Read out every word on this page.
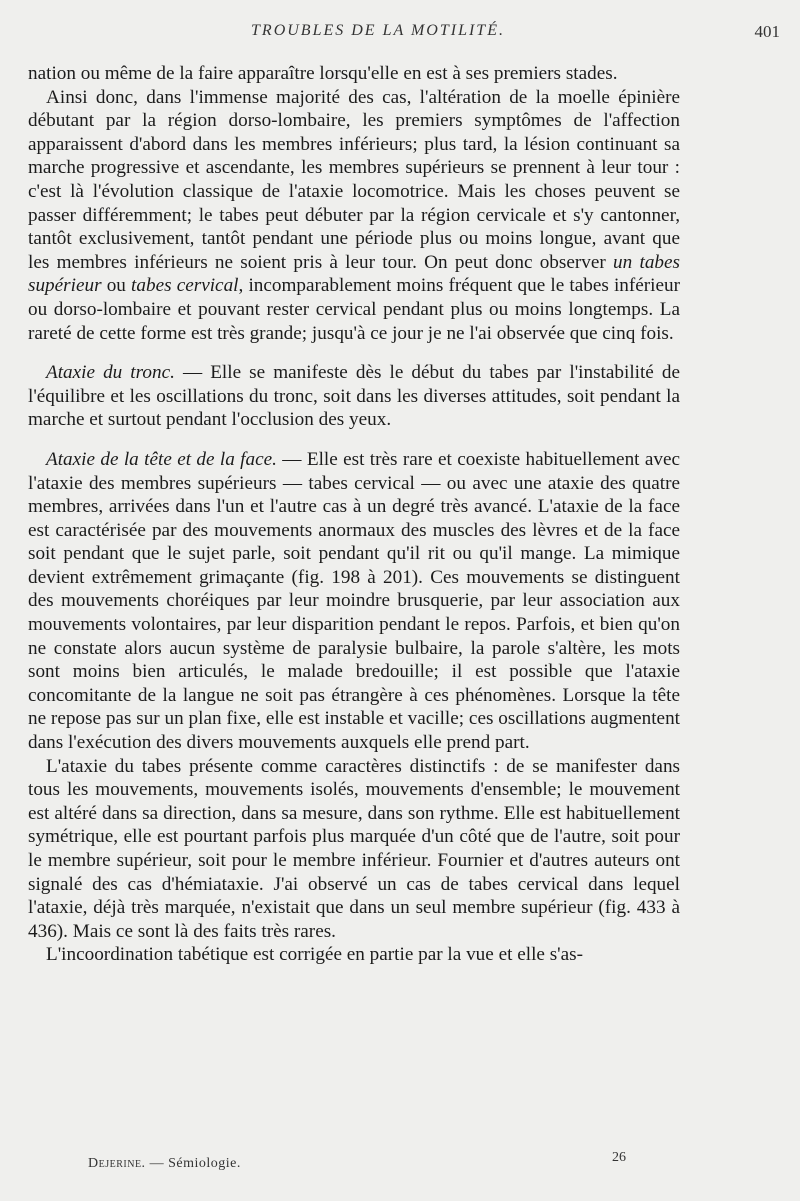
TROUBLES DE LA MOTILITÉ.	401

nation ou même de la faire apparaître lorsqu'elle en est à ses premiers stades.

Ainsi donc, dans l'immense majorité des cas, l'altération de la moelle épinière débutant par la région dorso-lombaire, les premiers symptômes de l'affection apparaissent d'abord dans les membres inférieurs; plus tard, la lésion continuant sa marche progressive et ascendante, les membres supérieurs se prennent à leur tour : c'est là l'évolution classique de l'ataxie locomotrice. Mais les choses peuvent se passer différemment; le tabes peut débuter par la région cervicale et s'y cantonner, tantôt exclusivement, tantôt pendant une période plus ou moins longue, avant que les membres inférieurs ne soient pris à leur tour. On peut donc observer un tabes supérieur ou tabes cervical, incomparablement moins fréquent que le tabes inférieur ou dorso-lombaire et pouvant rester cervical pendant plus ou moins longtemps. La rareté de cette forme est très grande; jusqu'à ce jour je ne l'ai observée que cinq fois.

Ataxie du tronc. — Elle se manifeste dès le début du tabes par l'instabilité de l'équilibre et les oscillations du tronc, soit dans les diverses attitudes, soit pendant la marche et surtout pendant l'occlusion des yeux.

Ataxie de la tête et de la face. — Elle est très rare et coexiste habituellement avec l'ataxie des membres supérieurs — tabes cervical — ou avec une ataxie des quatre membres, arrivées dans l'un et l'autre cas à un degré très avancé. L'ataxie de la face est caractérisée par des mouvements anormaux des muscles des lèvres et de la face soit pendant que le sujet parle, soit pendant qu'il rit ou qu'il mange. La mimique devient extrêmement grimaçante (fig. 198 à 201). Ces mouvements se distinguent des mouvements choréiques par leur moindre brusquerie, par leur association aux mouvements volontaires, par leur disparition pendant le repos. Parfois, et bien qu'on ne constate alors aucun système de paralysie bulbaire, la parole s'altère, les mots sont moins bien articulés, le malade bredouille; il est possible que l'ataxie concomitante de la langue ne soit pas étrangère à ces phénomènes. Lorsque la tête ne repose pas sur un plan fixe, elle est instable et vacille; ces oscillations augmentent dans l'exécution des divers mouvements auxquels elle prend part.

L'ataxie du tabes présente comme caractères distinctifs : de se manifester dans tous les mouvements, mouvements isolés, mouvements d'ensemble; le mouvement est altéré dans sa direction, dans sa mesure, dans son rythme. Elle est habituellement symétrique, elle est pourtant parfois plus marquée d'un côté que de l'autre, soit pour le membre supérieur, soit pour le membre inférieur. Fournier et d'autres auteurs ont signalé des cas d'hémiataxie. J'ai observé un cas de tabes cervical dans lequel l'ataxie, déjà très marquée, n'existait que dans un seul membre supérieur (fig. 433 à 436). Mais ce sont là des faits très rares.

L'incoordination tabétique est corrigée en partie par la vue et elle s'as-

Dejerine. — Sémiologie.	26
